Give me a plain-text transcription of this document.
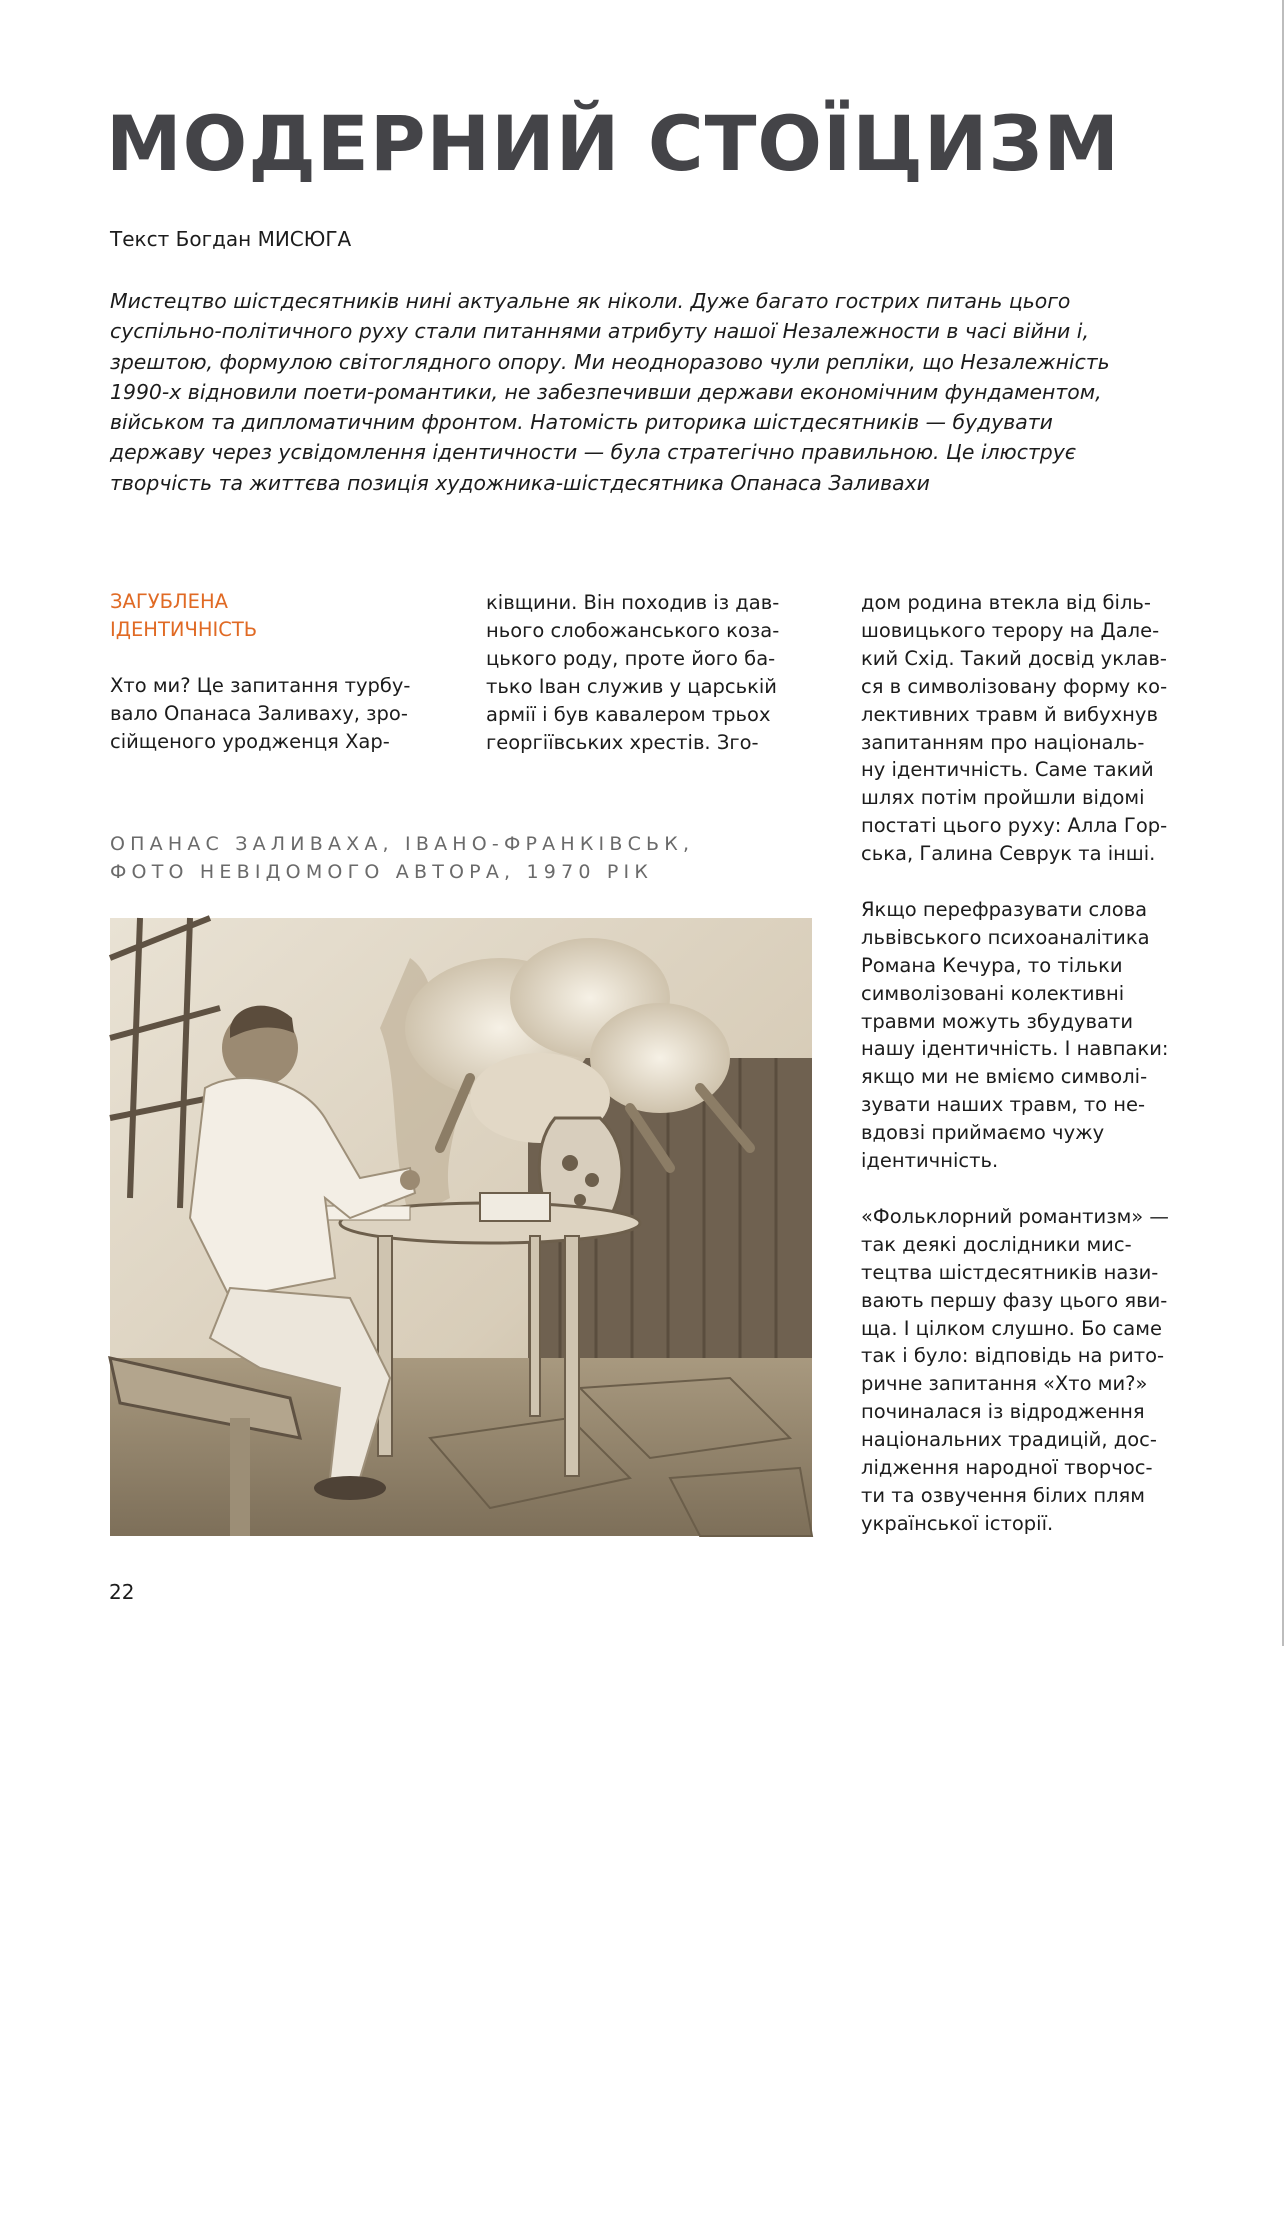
МОДЕРНИЙ СТОЇЦИЗМ
Текст Богдан МИСЮГА
Мистецтво шістдесятників нині актуальне як ніколи. Дуже багато гострих питань цього
суспільно-політичного руху стали питаннями атрибуту нашої Незалежности в часі війни і,
зрештою, формулою світоглядного опору. Ми неодноразово чули репліки, що Незалежність
1990-х відновили поети-романтики, не забезпечивши держави економічним фундаментом,
військом та дипломатичним фронтом. Натомість риторика шістдесятників — будувати
державу через усвідомлення ідентичности — була стратегічно правильною. Це ілюструє
творчість та життєва позиція художника-шістдесятника Опанаса Заливахи
ЗАГУБЛЕНА
ІДЕНТИЧНІСТЬ
Хто ми? Це запитання турбу-
вало Опанаса Заливаху, зро-
сійщеного уродженця Хар-
ківщини. Він походив із дав-
нього слобожанського коза-
цького роду, проте його ба-
тько Іван служив у царській
армії і був кавалером трьох
георгіївських хрестів. Зго-
дом родина втекла від біль-
шовицького терору на Дале-
кий Схід. Такий досвід уклав-
ся в символізовану форму ко-
лективних травм й вибухнув
запитанням про національ-
ну ідентичність. Саме такий
шлях потім пройшли відомі
постаті цього руху: Алла Гор-
ська, Галина Севрук та інші.
Якщо перефразувати слова
львівського психоаналітика
Романа Кечура, то тільки
символізовані колективні
травми можуть збудувати
нашу ідентичність. І навпаки:
якщо ми не вміємо символі-
зувати наших травм, то не-
вдовзі приймаємо чужу
ідентичність.
«Фольклорний романтизм» —
так деякі дослідники мис-
тецтва шістдесятників нази-
вають першу фазу цього яви-
ща. І цілком слушно. Бо саме
так і було: відповідь на рито-
ричне запитання «Хто ми?»
починалася із відродження
національних традицій, дос-
лідження народної творчос-
ти та озвучення білих плям
української історії.
ОПАНАС ЗАЛИВАХА, ІВАНО-ФРАНКІВСЬК,
ФОТО НЕВІДОМОГО АВТОРА, 1970 РІК
Всі ілюстрації надав автор
22
